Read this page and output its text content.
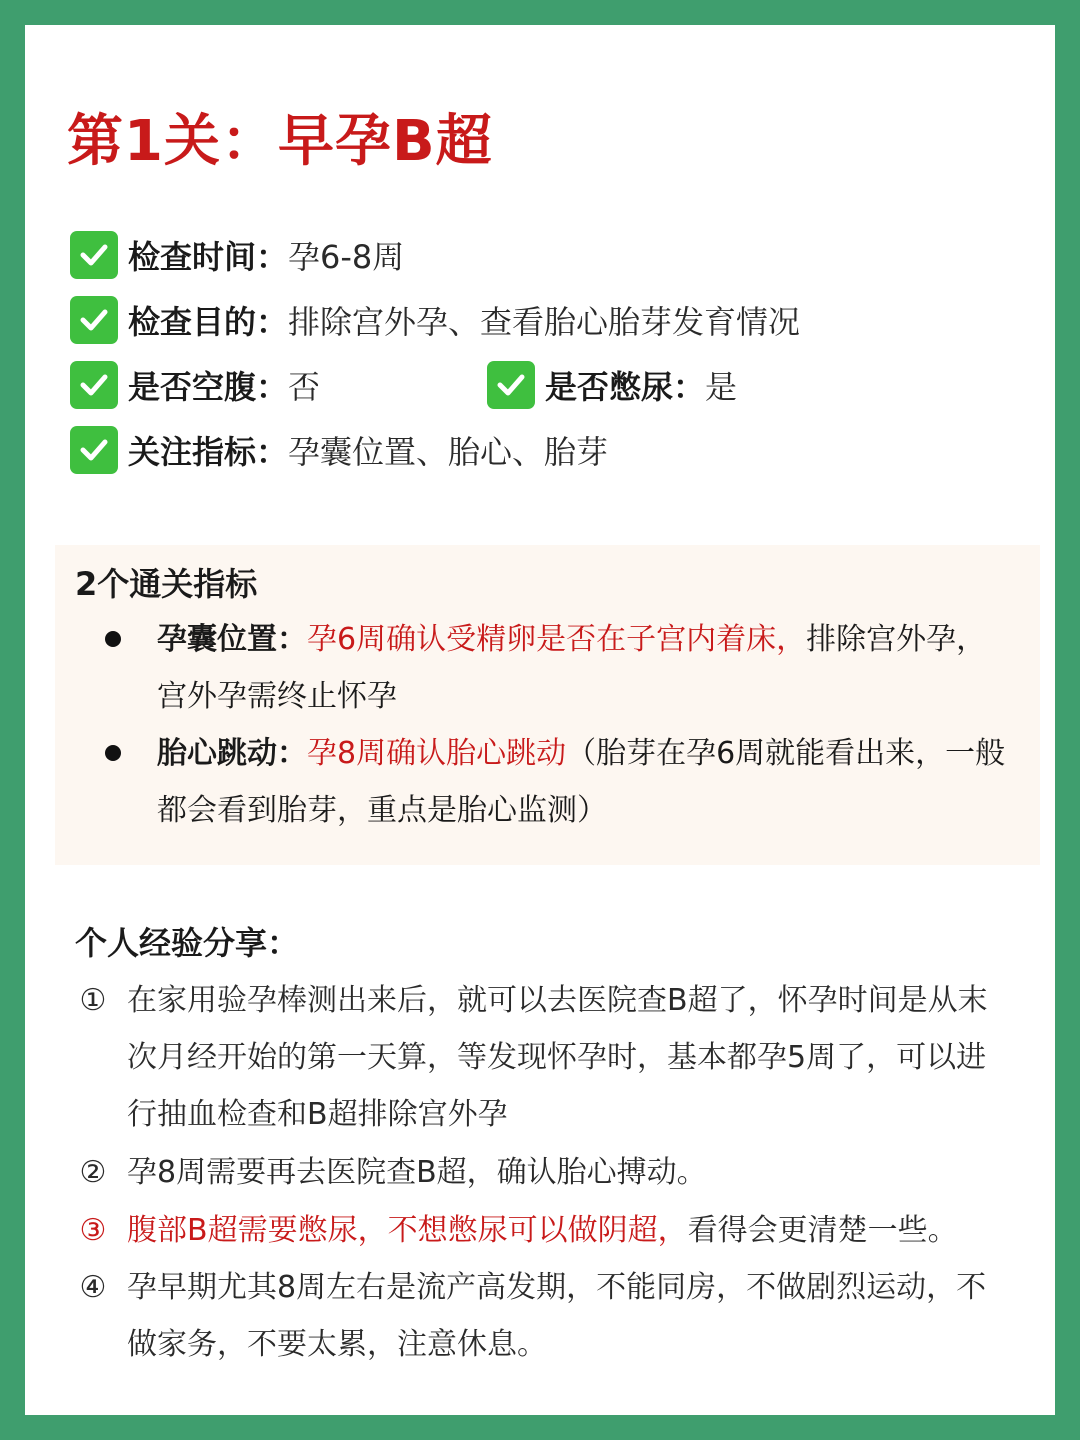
第1关：早孕B超
检查时间： 孕6-8周
检查目的： 排除宫外孕、查看胎心胎芽发育情况
是否空腹： 否	是否憋尿： 是
关注指标： 孕囊位置、胎心、胎芽
2个通关指标
孕囊位置：孕6周确认受精卵是否在子宫内着床，排除宫外孕，宫外孕需终止怀孕
胎心跳动：孕8周确认胎心跳动（胎芽在孕6周就能看出来，一般都会看到胎芽，重点是胎心监测）
个人经验分享：
① 在家用验孕棒测出来后，就可以去医院查B超了，怀孕时间是从末次月经开始的第一天算，等发现怀孕时，基本都孕5周了，可以进行抽血检查和B超排除宫外孕
② 孕8周需要再去医院查B超，确认胎心搏动。
③ 腹部B超需要憋尿，不想憋尿可以做阴超，看得会更清楚一些。
④ 孕早期尤其8周左右是流产高发期，不能同房，不做剧烈运动，不做家务，不要太累，注意休息。
